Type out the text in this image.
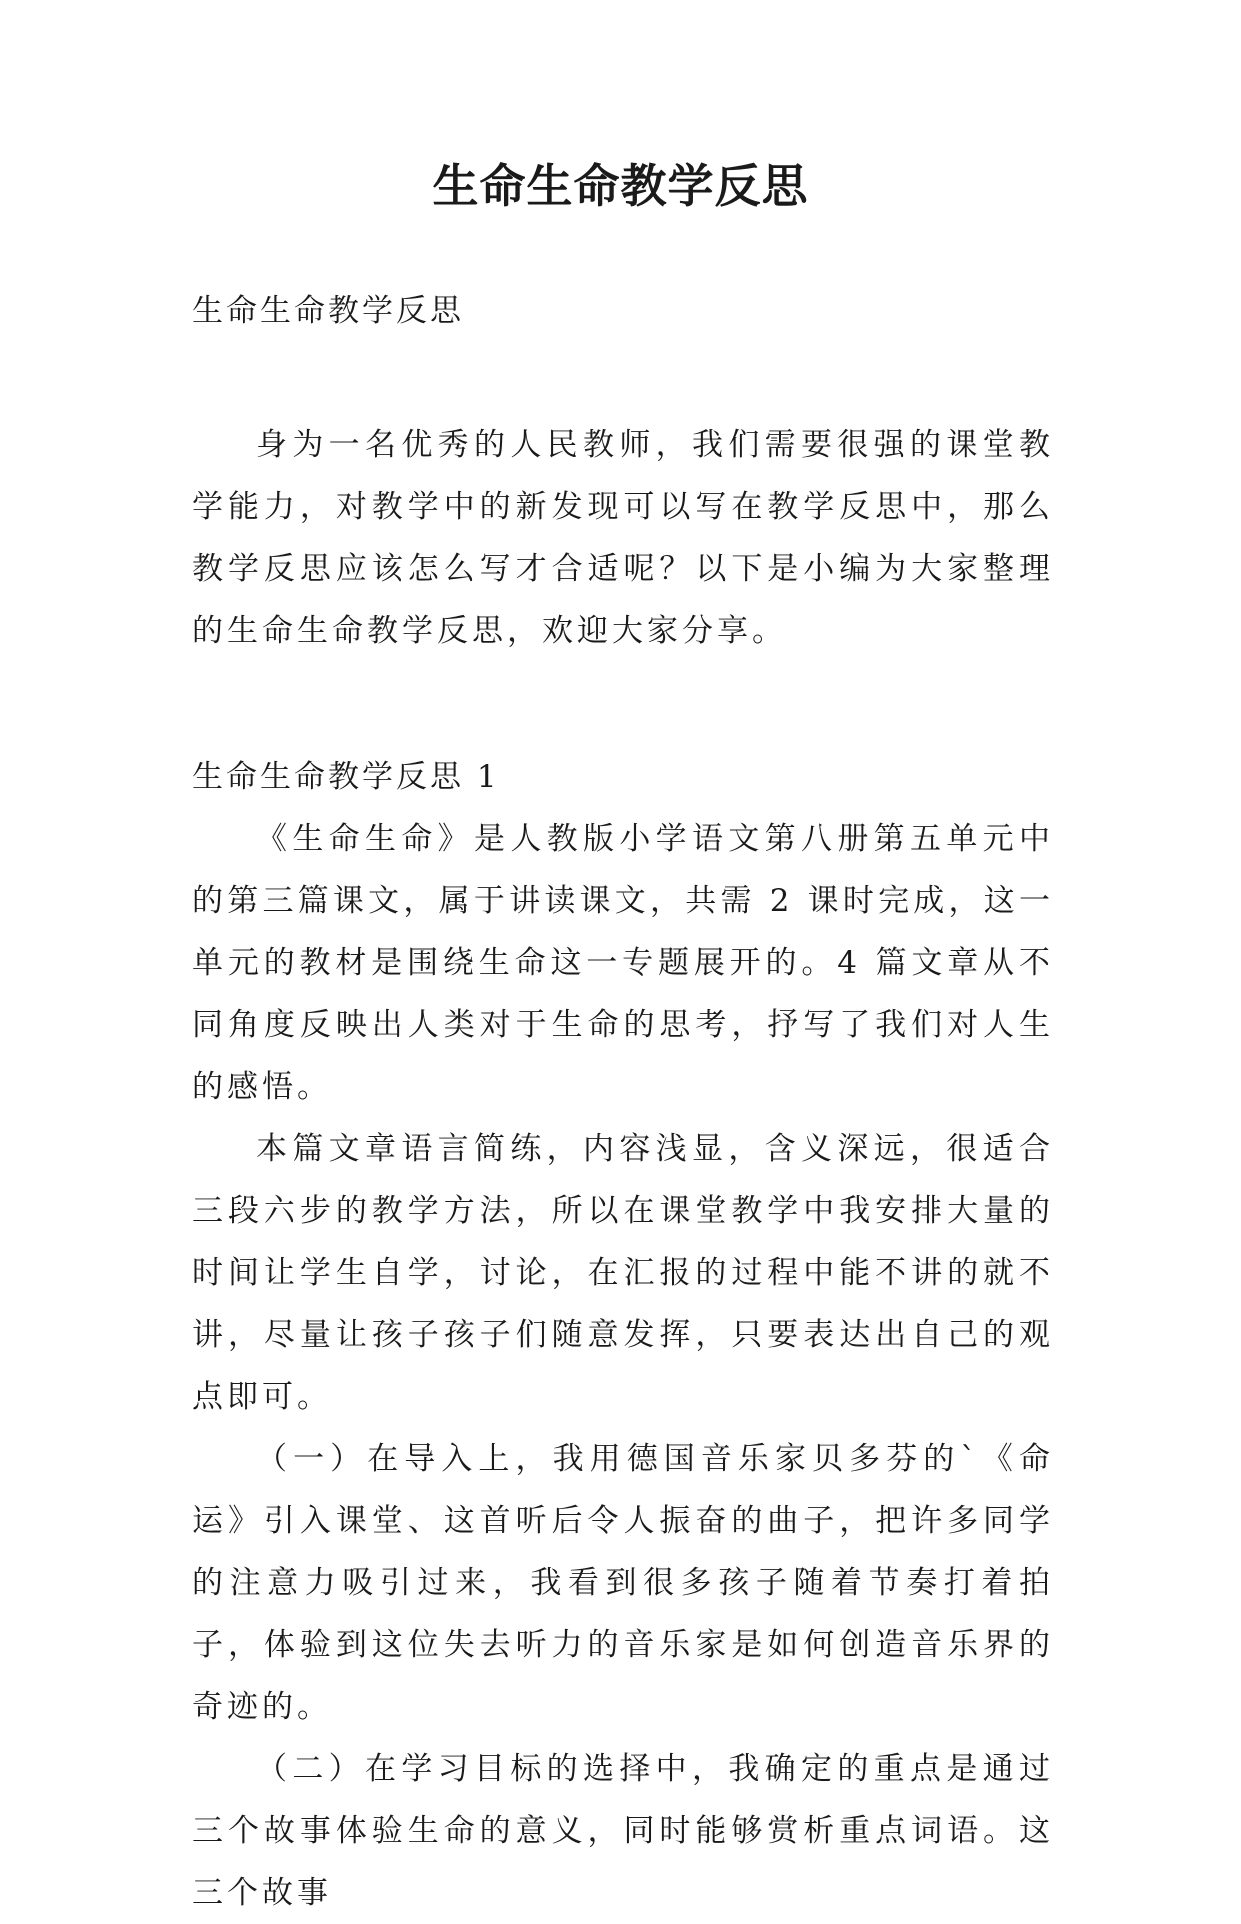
生命生命教学反思
生命生命教学反思

身为一名优秀的人民教师，我们需要很强的课堂教学能力，对教学中的新发现可以写在教学反思中，那么教学反思应该怎么写才合适呢？以下是小编为大家整理的生命生命教学反思，欢迎大家分享。

生命生命教学反思 1

《生命生命》是人教版小学语文第八册第五单元中的第三篇课文，属于讲读课文，共需 2 课时完成，这一单元的教材是围绕生命这一专题展开的。4 篇文章从不同角度反映出人类对于生命的思考，抒写了我们对人生的感悟。

本篇文章语言简练，内容浅显，含义深远，很适合三段六步的教学方法，所以在课堂教学中我安排大量的时间让学生自学，讨论，在汇报的过程中能不讲的就不讲，尽量让孩子孩子们随意发挥，只要表达出自己的观点即可。

（一）在导入上，我用德国音乐家贝多芬的`《命运》引入课堂、这首听后令人振奋的曲子，把许多同学的注意力吸引过来，我看到很多孩子随着节奏打着拍子，体验到这位失去听力的音乐家是如何创造音乐界的奇迹的。

（二）在学习目标的选择中，我确定的重点是通过三个故事体验生命的意义，同时能够赏析重点词语。这三个故事
